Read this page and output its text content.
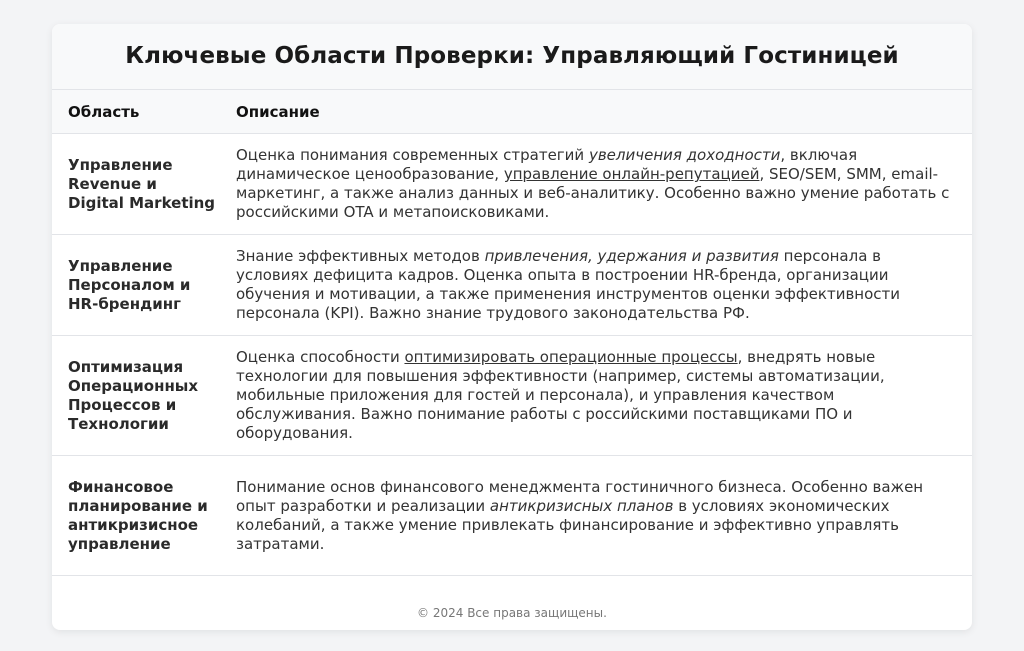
Ключевые Области Проверки: Управляющий Гостиницей
Область	Описание
Управление Revenue и Digital Marketing	Оценка понимания современных стратегий увеличения доходности, включая динамическое ценообразование, управление онлайн-репутацией, SEO/SEM, SMM, email-маркетинг, а также анализ данных и веб-аналитику. Особенно важно умение работать с российскими OTA и метапоисковиками.
Управление Персоналом и HR-брендинг	Знание эффективных методов привлечения, удержания и развития персонала в условиях дефицита кадров. Оценка опыта в построении HR-бренда, организации обучения и мотивации, а также применения инструментов оценки эффективности персонала (KPI). Важно знание трудового законодательства РФ.
Оптимизация Операционных Процессов и Технологии	Оценка способности оптимизировать операционные процессы, внедрять новые технологии для повышения эффективности (например, системы автоматизации, мобильные приложения для гостей и персонала), и управления качеством обслуживания. Важно понимание работы с российскими поставщиками ПО и оборудования.
Финансовое планирование и антикризисное управление	Понимание основ финансового менеджмента гостиничного бизнеса. Особенно важен опыт разработки и реализации антикризисных планов в условиях экономических колебаний, а также умение привлекать финансирование и эффективно управлять затратами.
© 2024 Все права защищены.
